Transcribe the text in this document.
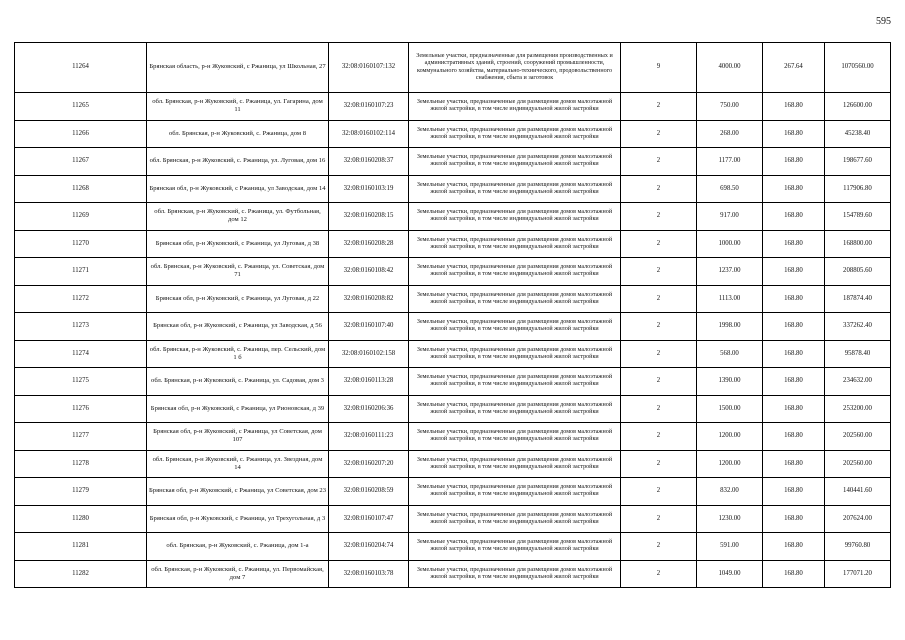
595
11264	Брянская область, р-н Жуковский, с Ржаница, ул Школьная, 27	32:08:0160107:132	Земельные участки, предназначенные для размещения производственных и административных зданий, строений, сооружений промышленности, коммунального хозяйства, материально-технического, продовольственного снабжения, сбыта и заготовок	9	4000.00	267.64	1070560.00
11265	обл. Брянская, р-н Жуковский, с. Ржаница, ул. Гагарина, дом 11	32:08:0160107:23	Земельные участки, предназначенные для размещения домов малоэтажной жилой застройки, в том числе индивидуальной жилой застройки	2	750.00	168.80	126600.00
11266	обл. Брянская, р-н Жуковский, с. Ржаница, дом 8	32:08:0160102:114	Земельные участки, предназначенные для размещения домов малоэтажной жилой застройки, в том числе индивидуальной жилой застройки	2	268.00	168.80	45238.40
11267	обл. Брянская, р-н Жуковский, с. Ржаница, ул. Луговая, дом 16	32:08:0160208:37	Земельные участки, предназначенные для размещения домов малоэтажной жилой застройки, в том числе индивидуальной жилой застройки	2	1177.00	168.80	198677.60
11268	Брянская обл, р-н Жуковский, с Ржаница, ул Заводская, дом 14	32:08:0160103:19	Земельные участки, предназначенные для размещения домов малоэтажной жилой застройки, в том числе индивидуальной жилой застройки	2	698.50	168.80	117906.80
11269	обл. Брянская, р-н Жуковский, с. Ржаница, ул. Футбольная, дом 12	32:08:0160208:15	Земельные участки, предназначенные для размещения домов малоэтажной жилой застройки, в том числе индивидуальной жилой застройки	2	917.00	168.80	154789.60
11270	Брянская обл, р-н Жуковский, с Ржаница, ул Луговая, д 38	32:08:0160208:28	Земельные участки, предназначенные для размещения домов малоэтажной жилой застройки, в том числе индивидуальной жилой застройки	2	1000.00	168.80	168800.00
11271	обл. Брянская, р-н Жуковский, с. Ржаница, ул. Советская, дом 71	32:08:0160108:42	Земельные участки, предназначенные для размещения домов малоэтажной жилой застройки, в том числе индивидуальной жилой застройки	2	1237.00	168.80	208805.60
11272	Брянская обл, р-н Жуковский, с Ржаница, ул Луговая, д 22	32:08:0160208:82	Земельные участки, предназначенные для размещения домов малоэтажной жилой застройки, в том числе индивидуальной жилой застройки	2	1113.00	168.80	187874.40
11273	Брянская обл, р-н Жуковский, с Ржаница, ул Заводская, д 56	32:08:0160107:40	Земельные участки, предназначенные для размещения домов малоэтажной жилой застройки, в том числе индивидуальной жилой застройки	2	1998.00	168.80	337262.40
11274	обл. Брянская, р-н Жуковский, с. Ржаница, пер. Сельский, дом 1 б	32:08:0160102:158	Земельные участки, предназначенные для размещения домов малоэтажной жилой застройки, в том числе индивидуальной жилой застройки	2	568.00	168.80	95878.40
11275	обл. Брянская, р-н Жуковский, с. Ржаница, ул. Садовая, дом 3	32:08:0160113:28	Земельные участки, предназначенные для размещения домов малоэтажной жилой застройки, в том числе индивидуальной жилой застройки	2	1390.00	168.80	234632.00
11276	Брянская обл, р-н Жуковский, с Ржаница, ул Рионовская, д 39	32:08:0160206:36	Земельные участки, предназначенные для размещения домов малоэтажной жилой застройки, в том числе индивидуальной жилой застройки	2	1500.00	168.80	253200.00
11277	Брянская обл, р-н Жуковский, с Ржаница, ул Советская, дом 107	32:08:0160111:23	Земельные участки, предназначенные для размещения домов малоэтажной жилой застройки, в том числе индивидуальной жилой застройки	2	1200.00	168.80	202560.00
11278	обл. Брянская, р-н Жуковский, с. Ржаница, ул. Звездная, дом 14	32:08:0160207:20	Земельные участки, предназначенные для размещения домов малоэтажной жилой застройки, в том числе индивидуальной жилой застройки	2	1200.00	168.80	202560.00
11279	Брянская обл, р-н Жуковский, с Ржаница, ул Советская, дом 23	32:08:0160208:59	Земельные участки, предназначенные для размещения домов малоэтажной жилой застройки, в том числе индивидуальной жилой застройки	2	832.00	168.80	140441.60
11280	Брянская обл, р-н Жуковский, с Ржаница, ул Трехугольная, д 3	32:08:0160107:47	Земельные участки, предназначенные для размещения домов малоэтажной жилой застройки, в том числе индивидуальной жилой застройки	2	1230.00	168.80	207624.00
11281	обл. Брянская, р-н Жуковский, с. Ржаница, дом 1-а	32:08:0160204:74	Земельные участки, предназначенные для размещения домов малоэтажной жилой застройки, в том числе индивидуальной жилой застройки	2	591.00	168.80	99760.80
11282	обл. Брянская, р-н Жуковский, с. Ржаница, ул. Первомайская, дом 7	32:08:0160103:78	Земельные участки, предназначенные для размещения домов малоэтажной жилой застройки, в том числе индивидуальной жилой застройки	2	1049.00	168.80	177071.20
